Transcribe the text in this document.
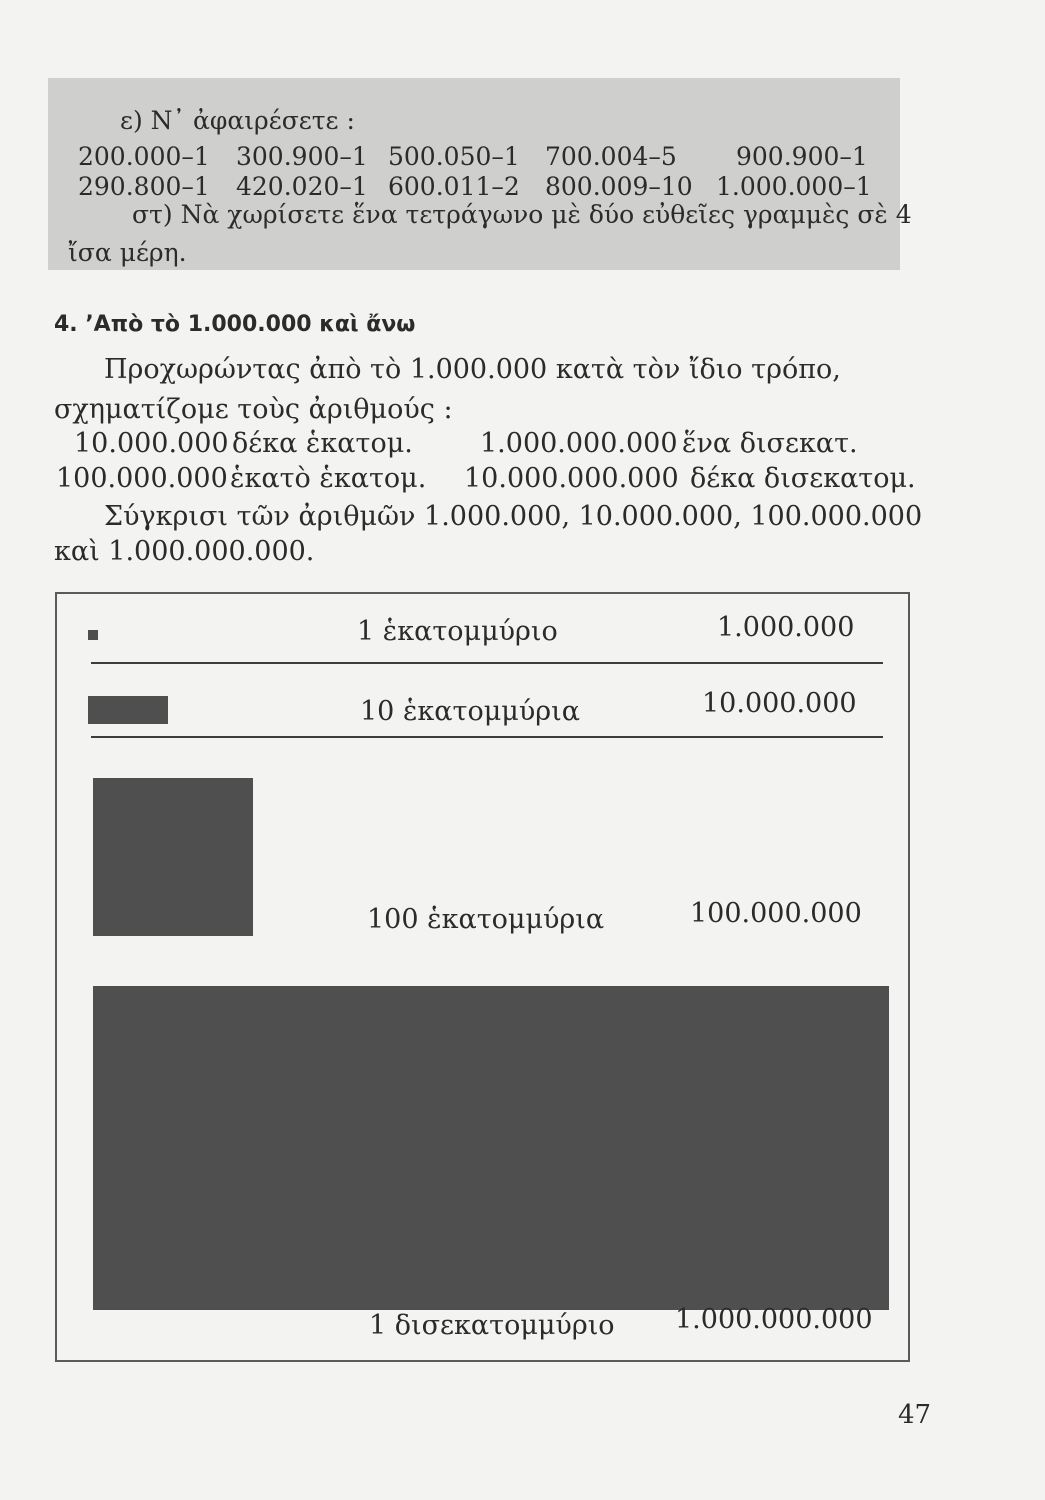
ε) Ν᾽ ἀφαιρέσετε :
200.000–1 300.900–1 500.050–1 700.004–5 900.900–1
290.800–1 420.020–1 600.011–2 800.009–10 1.000.000–1
στ) Νὰ χωρίσετε ἕνα τετράγωνο μὲ δύο εὐθεῖες γραμμὲς σὲ 4
ἴσα μέρη.
4. ʼΑπὸ τὸ 1.000.000 καὶ ἄνω
Προχωρώντας ἀπὸ τὸ 1.000.000 κατὰ τὸν ἴδιο τρόπο,
σχηματίζομε τοὺς ἀριθμούς :
10.000.000 δέκα ἑκατομ. 1.000.000.000 ἕνα δισεκατ.
100.000.000 ἑκατὸ ἑκατομ. 10.000.000.000 δέκα δισεκατομ.
Σύγκρισι τῶν ἀριθμῶν 1.000.000, 10.000.000, 100.000.000
καὶ 1.000.000.000.
1 ἑκατομμύριο	1.000.000
10 ἑκατομμύρια	10.000.000
100 ἑκατομμύρια	100.000.000
1 δισεκατομμύριο 1.000.000.000
47
